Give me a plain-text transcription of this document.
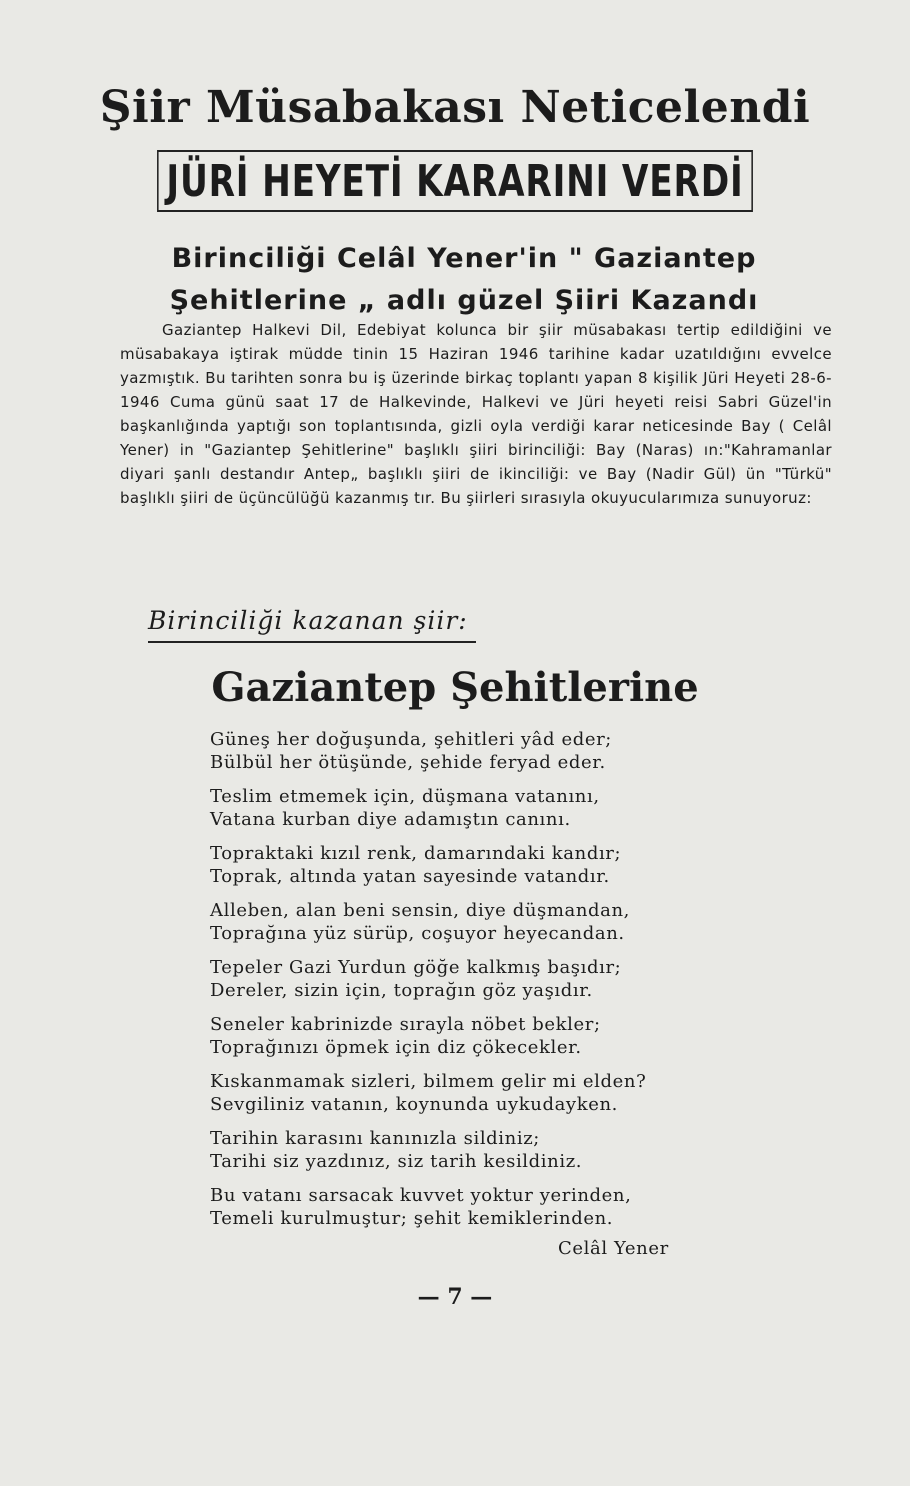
Şiir Müsabakası Neticelendi
JÜRİ HEYETİ KARARINI VERDİ
Birinciliği Celâl Yener'in " Gaziantep Şehitlerine „ adlı güzel Şiiri Kazandı

Gaziantep Halkevi Dil, Edebiyat kolunca bir şiir müsabakası tertip edildiğini ve müsabakaya iştirak müdde tinin 15 Haziran 1946 tarihine kadar uzatıldığını evvelce yazmıştık. Bu tarihten sonra bu iş üzerinde birkaç toplantı yapan 8 kişilik Jüri Heyeti 28-6-1946 Cuma günü saat 17 de Halkevinde, Halkevi ve Jüri heyeti reisi Sabri Güzel'in başkanlığında yaptığı son toplantısında, gizli oyla verdiği karar neticesinde Bay ( Celâl Yener) in "Gaziantep Şehitlerine" başlıklı şiiri birinciliği: Bay (Naras) ın:"Kahramanlar diyari şanlı destandır Antep„ başlıklı şiiri de ikinciliği: ve Bay (Nadir Gül) ün "Türkü" başlıklı şiiri de üçüncülüğü kazanmış tır. Bu şiirleri sırasıyla okuyucularımıza sunuyoruz:

Birinciliği kazanan şiir:

Gaziantep Şehitlerine
Güneş her doğuşunda, şehitleri yâd eder;
Bülbül her ötüşünde, şehide feryad eder.
Teslim etmemek için, düşmana vatanını,
Vatana kurban diye adamıştın canını.
Topraktaki kızıl renk, damarındaki kandır;
Toprak, altında yatan sayesinde vatandır.
Alleben, alan beni sensin, diye düşmandan,
Toprağına yüz sürüp, coşuyor heyecandan.
Tepeler Gazi Yurdun göğe kalkmış başıdır;
Dereler, sizin için, toprağın göz yaşıdır.
Seneler kabrinizde sırayla nöbet bekler;
Toprağınızı öpmek için diz çökecekler.
Kıskanmamak sizleri, bilmem gelir mi elden?
Sevgiliniz vatanın, koynunda uykudayken.
Tarihin karasını kanınızla sildiniz;
Tarihi siz yazdınız, siz tarih kesildiniz.
Bu vatanı sarsacak kuvvet yoktur yerinden,
Temeli kurulmuştur; şehit kemiklerinden.

Celâl Yener

— 7 —
